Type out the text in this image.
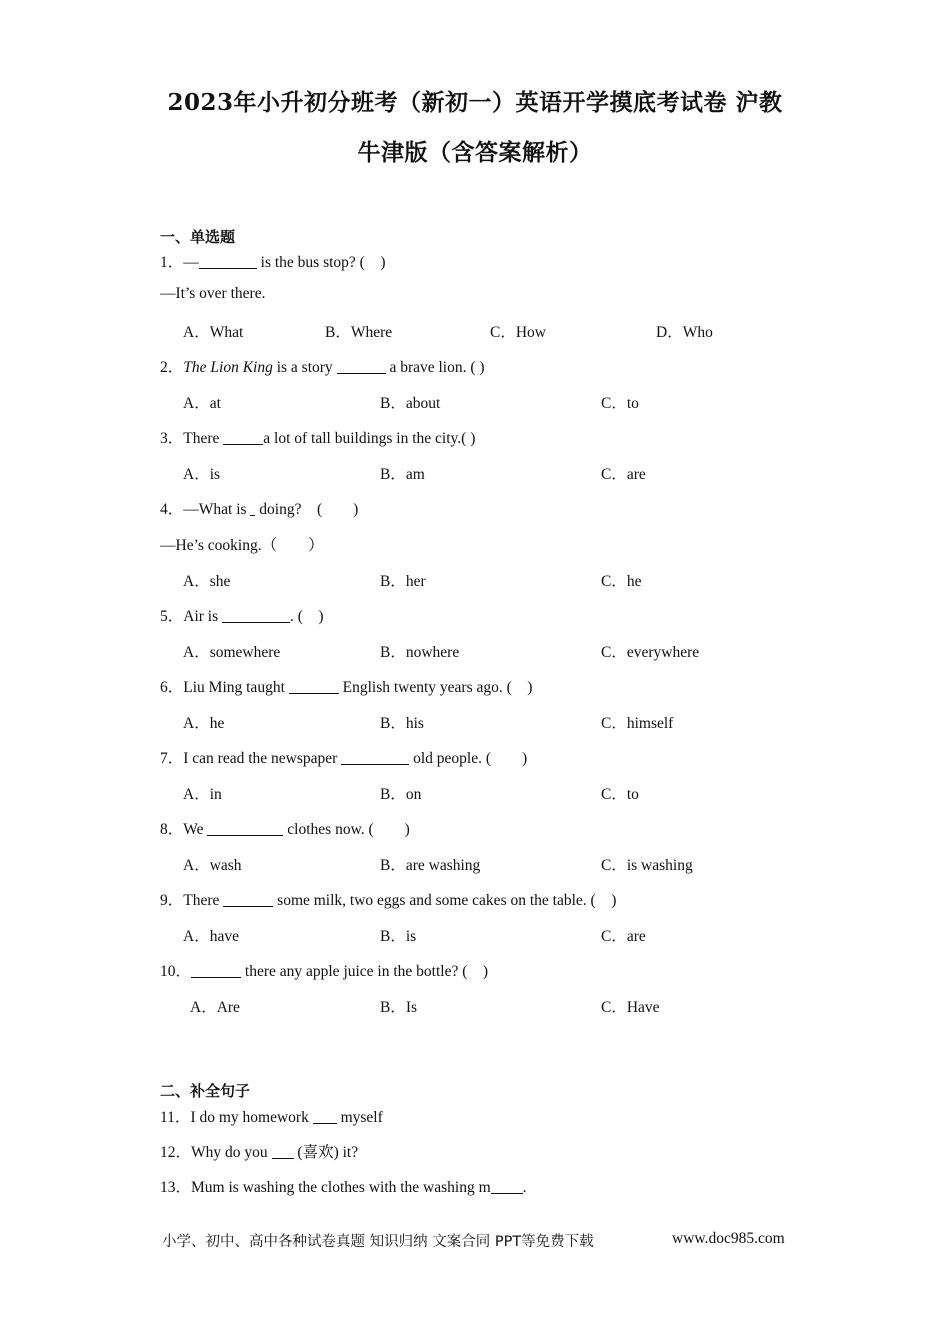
2023年小升初分班考（新初一）英语开学摸底考试卷 沪教
牛津版（含答案解析）
一、单选题
1．—	is the bus stop? (　)
—It’s over there.
A．What	B．Where	C．How	D．Who
2．The Lion King is a story	a brave lion. ( )
A．at	B．about	C．to
3．There	a lot of tall buildings in the city.( )
A．is	B．am	C．are
4．—What is  doing?　(　　)
—He’s cooking.（　　）
A．she	B．her	C．he
5．Air is	. (　)
A．somewhere	B．nowhere	C．everywhere
6．Liu Ming taught	English twenty years ago. (　)
A．he	B．his	C．himself
7．I can read the newspaper	old people. (　　)
A．in	B．on	C．to
8．We	clothes now. (　　)
A．wash	B．are washing	C．is washing
9．There	some milk, two eggs and some cakes on the table. (　)
A．have	B．is	C．are
10．	there any apple juice in the bottle? (　)
A．Are	B．Is	C．Have
二、补全句子
11．I do my homework  myself
12．Why do you  (喜欢) it?
13．Mum is washing the clothes with the washing m .
小学、初中、高中各种试卷真题 知识归纳 文案合同 PPT等免费下载	www.doc985.com
